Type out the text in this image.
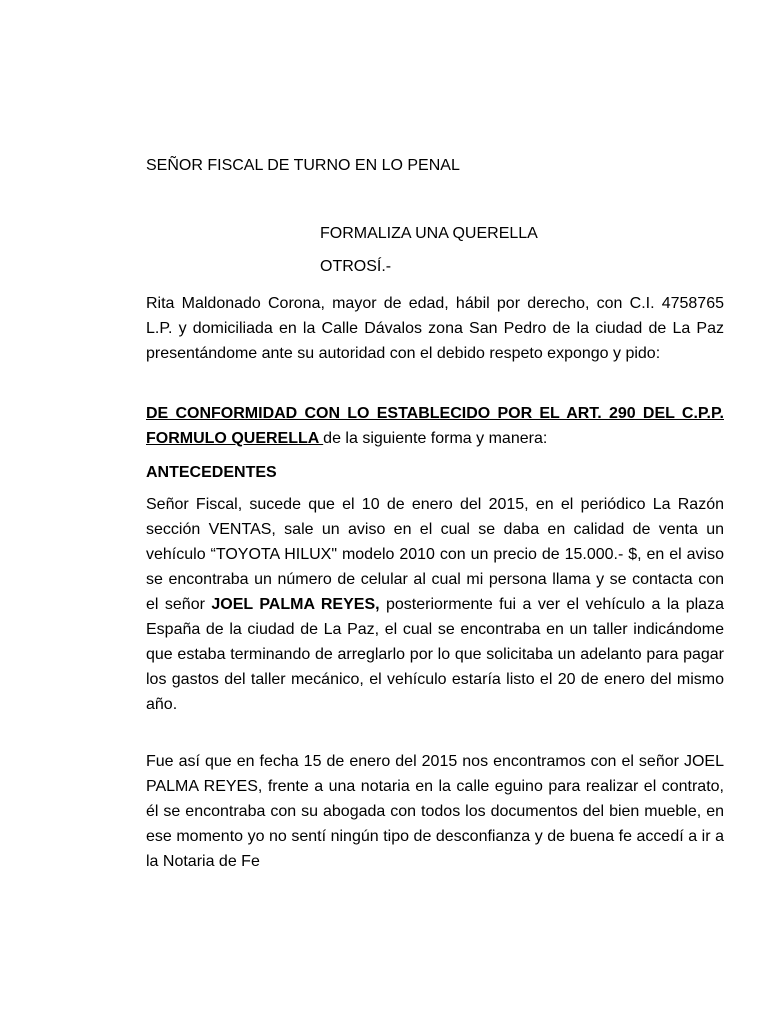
SEÑOR FISCAL DE TURNO EN LO PENAL
FORMALIZA UNA QUERELLA
OTROSÍ.-

Rita Maldonado Corona, mayor de edad, hábil por derecho, con C.I. 4758765 L.P. y domiciliada en la Calle Dávalos zona San Pedro de la ciudad de La Paz presentándome ante su autoridad con el debido respeto expongo y pido:

DE CONFORMIDAD CON LO ESTABLECIDO POR EL ART. 290 DEL C.P.P. FORMULO QUERELLA de la siguiente forma y manera:

ANTECEDENTES

Señor Fiscal, sucede que el 10 de enero del 2015, en el periódico La Razón sección VENTAS, sale un aviso en el cual se daba en calidad de venta un vehículo “TOYOTA HILUX" modelo 2010 con un precio de 15.000.- $, en el aviso se encontraba un número de celular al cual mi persona llama y se contacta con el señor JOEL PALMA REYES, posteriormente fui a ver el vehículo a la plaza España de la ciudad de La Paz, el cual se encontraba en un taller indicándome que estaba terminando de arreglarlo por lo que solicitaba un adelanto para pagar los gastos del taller mecánico, el vehículo estaría listo el 20 de enero del mismo año.

Fue así que en fecha 15 de enero del 2015 nos encontramos con el señor JOEL PALMA REYES, frente a una notaria en la calle eguino para realizar el contrato, él se encontraba con su abogada con todos los documentos del bien mueble, en ese momento yo no sentí ningún tipo de desconfianza y de buena fe accedí a ir a la Notaria de Fe
